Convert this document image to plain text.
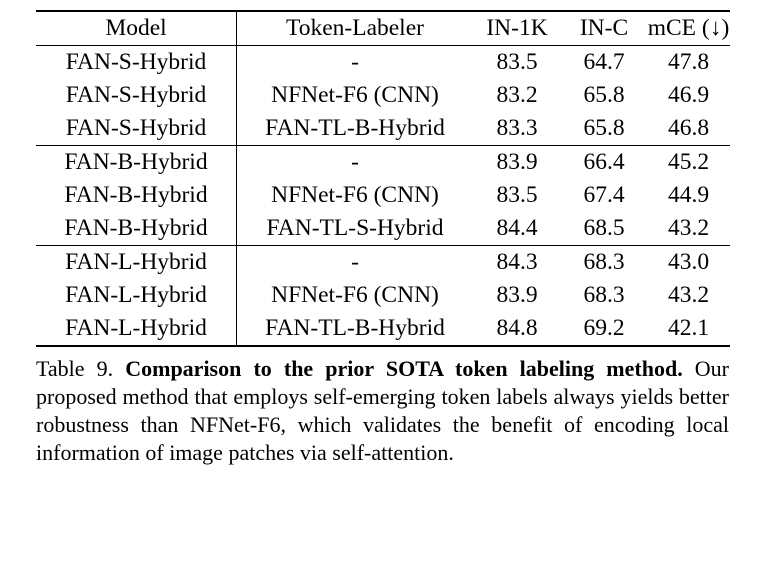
Model	Token-Labeler	IN-1K	IN-C	mCE (↓)
FAN-S-Hybrid	-	83.5	64.7	47.8
FAN-S-Hybrid	NFNet-F6 (CNN)	83.2	65.8	46.9
FAN-S-Hybrid	FAN-TL-B-Hybrid	83.3	65.8	46.8
FAN-B-Hybrid	-	83.9	66.4	45.2
FAN-B-Hybrid	NFNet-F6 (CNN)	83.5	67.4	44.9
FAN-B-Hybrid	FAN-TL-S-Hybrid	84.4	68.5	43.2
FAN-L-Hybrid	-	84.3	68.3	43.0
FAN-L-Hybrid	NFNet-F6 (CNN)	83.9	68.3	43.2
FAN-L-Hybrid	FAN-TL-B-Hybrid	84.8	69.2	42.1
Table 9. Comparison to the prior SOTA token labeling method. Our proposed method that employs self-emerging token labels always yields better robustness than NFNet-F6, which validates the benefit of encoding local information of image patches via self-attention.
